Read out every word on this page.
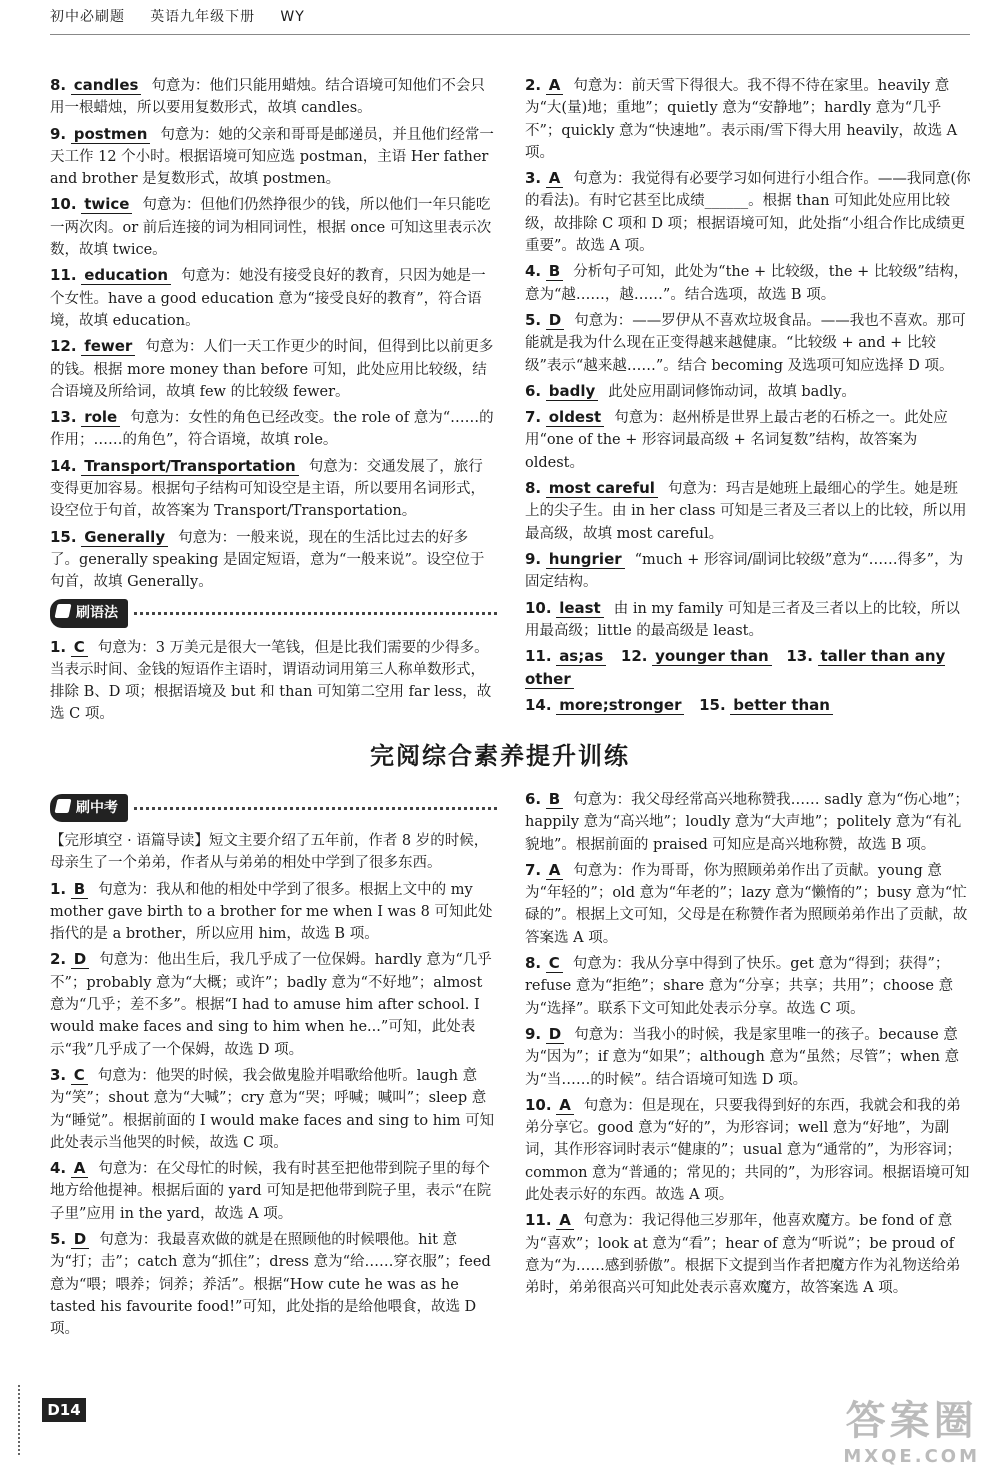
初中必刷题 　 英语九年级下册 　 WY
8. candles 句意为：他们只能用蜡烛。结合语境可知他们不会只用一根蜡烛，所以要用复数形式，故填 candles。
9. postmen 句意为：她的父亲和哥哥是邮递员，并且他们经常一天工作 12 个小时。根据语境可知应选 postman，主语 Her father and brother 是复数形式，故填 postmen。
10. twice 句意为：但他们仍然挣很少的钱，所以他们一年只能吃一两次肉。or 前后连接的词为相同词性，根据 once 可知这里表示次数，故填 twice。
11. education 句意为：她没有接受良好的教育，只因为她是一个女性。have a good education 意为“接受良好的教育”，符合语境，故填 education。
12. fewer 句意为：人们一天工作更少的时间，但得到比以前更多的钱。根据 more money than before 可知，此处应用比较级，结合语境及所给词，故填 few 的比较级 fewer。
13. role 句意为：女性的角色已经改变。the role of 意为“……的作用；……的角色”，符合语境，故填 role。
14. Transport/Transportation 句意为：交通发展了，旅行变得更加容易。根据句子结构可知设空是主语，所以要用名词形式，设空位于句首，故答案为 Transport/Transportation。
15. Generally 句意为：一般来说，现在的生活比过去的好多了。generally speaking 是固定短语，意为“一般来说”。设空位于句首，故填 Generally。
刷语法
1. C 句意为：3 万美元是很大一笔钱，但是比我们需要的少得多。当表示时间、金钱的短语作主语时，谓语动词用第三人称单数形式，排除 B、D 项；根据语境及 but 和 than 可知第二空用 far less，故选 C 项。
2. A 句意为：前天雪下得很大。我不得不待在家里。heavily 意为“大(量)地；重地”；quietly 意为“安静地”；hardly 意为“几乎不”；quickly 意为“快速地”。表示雨/雪下得大用 heavily，故选 A 项。
3. A 句意为：我觉得有必要学习如何进行小组合作。——我同意(你的看法)。有时它甚至比成绩______。根据 than 可知此处应用比较级，故排除 C 项和 D 项；根据语境可知，此处指“小组合作比成绩更重要”。故选 A 项。
4. B 分析句子可知，此处为“the + 比较级，the + 比较级”结构，意为“越……，越……”。结合选项，故选 B 项。
5. D 句意为：——罗伊从不喜欢垃圾食品。——我也不喜欢。那可能就是我为什么现在正变得越来越健康。“比较级 + and + 比较级”表示“越来越……”。结合 becoming 及选项可知应选择 D 项。
6. badly 此处应用副词修饰动词，故填 badly。
7. oldest 句意为：赵州桥是世界上最古老的石桥之一。此处应用“one of the + 形容词最高级 + 名词复数”结构，故答案为 oldest。
8. most careful 句意为：玛吉是她班上最细心的学生。她是班上的尖子生。由 in her class 可知是三者及三者以上的比较，所以用最高级，故填 most careful。
9. hungrier “much + 形容词/副词比较级”意为“……得多”，为固定结构。
10. least 由 in my family 可知是三者及三者以上的比较，所以用最高级；little 的最高级是 least。
11. as;as 12. younger than 13. taller than any other
14. more;stronger 15. better than
完阅综合素养提升训练
刷中考
【完形填空 · 语篇导读】短文主要介绍了五年前，作者 8 岁的时候，母亲生了一个弟弟，作者从与弟弟的相处中学到了很多东西。
1. B 句意为：我从和他的相处中学到了很多。根据上文中的 my mother gave birth to a brother for me when I was 8 可知此处指代的是 a brother，所以应用 him，故选 B 项。
2. D 句意为：他出生后，我几乎成了一位保姆。hardly 意为“几乎不”；probably 意为“大概；或许”；badly 意为“不好地”；almost 意为“几乎；差不多”。根据“I had to amuse him after school. I would make faces and sing to him when he...”可知，此处表示“我”几乎成了一个保姆，故选 D 项。
3. C 句意为：他哭的时候，我会做鬼脸并唱歌给他听。laugh 意为“笑”；shout 意为“大喊”；cry 意为“哭；呼喊；喊叫”；sleep 意为“睡觉”。根据前面的 I would make faces and sing to him 可知此处表示当他哭的时候，故选 C 项。
4. A 句意为：在父母忙的时候，我有时甚至把他带到院子里的每个地方给他提神。根据后面的 yard 可知是把他带到院子里，表示“在院子里”应用 in the yard，故选 A 项。
5. D 句意为：我最喜欢做的就是在照顾他的时候喂他。hit 意为“打；击”；catch 意为“抓住”；dress 意为“给……穿衣服”；feed 意为“喂；喂养；饲养；养活”。根据“How cute he was as he tasted his favourite food!”可知，此处指的是给他喂食，故选 D 项。
6. B 句意为：我父母经常高兴地称赞我…… sadly 意为“伤心地”；happily 意为“高兴地”；loudly 意为“大声地”；politely 意为“有礼貌地”。根据前面的 praised 可知应是高兴地称赞，故选 B 项。
7. A 句意为：作为哥哥，你为照顾弟弟作出了贡献。young 意为“年轻的”；old 意为“年老的”；lazy 意为“懒惰的”；busy 意为“忙碌的”。根据上文可知，父母是在称赞作者为照顾弟弟作出了贡献，故答案选 A 项。
8. C 句意为：我从分享中得到了快乐。get 意为“得到；获得”；refuse 意为“拒绝”；share 意为“分享；共享；共用”；choose 意为“选择”。联系下文可知此处表示分享。故选 C 项。
9. D 句意为：当我小的时候，我是家里唯一的孩子。because 意为“因为”；if 意为“如果”；although 意为“虽然；尽管”；when 意为“当……的时候”。结合语境可知选 D 项。
10. A 句意为：但是现在，只要我得到好的东西，我就会和我的弟弟分享它。good 意为“好的”，为形容词；well 意为“好地”，为副词，其作形容词时表示“健康的”；usual 意为“通常的”，为形容词；common 意为“普通的；常见的；共同的”，为形容词。根据语境可知此处表示好的东西。故选 A 项。
11. A 句意为：我记得他三岁那年，他喜欢魔方。be fond of 意为“喜欢”；look at 意为“看”；hear of 意为“听说”；be proud of 意为“为……感到骄傲”。根据下文提到当作者把魔方作为礼物送给弟弟时，弟弟很高兴可知此处表示喜欢魔方，故答案选 A 项。
D14	答案圈
MXQE.COM
